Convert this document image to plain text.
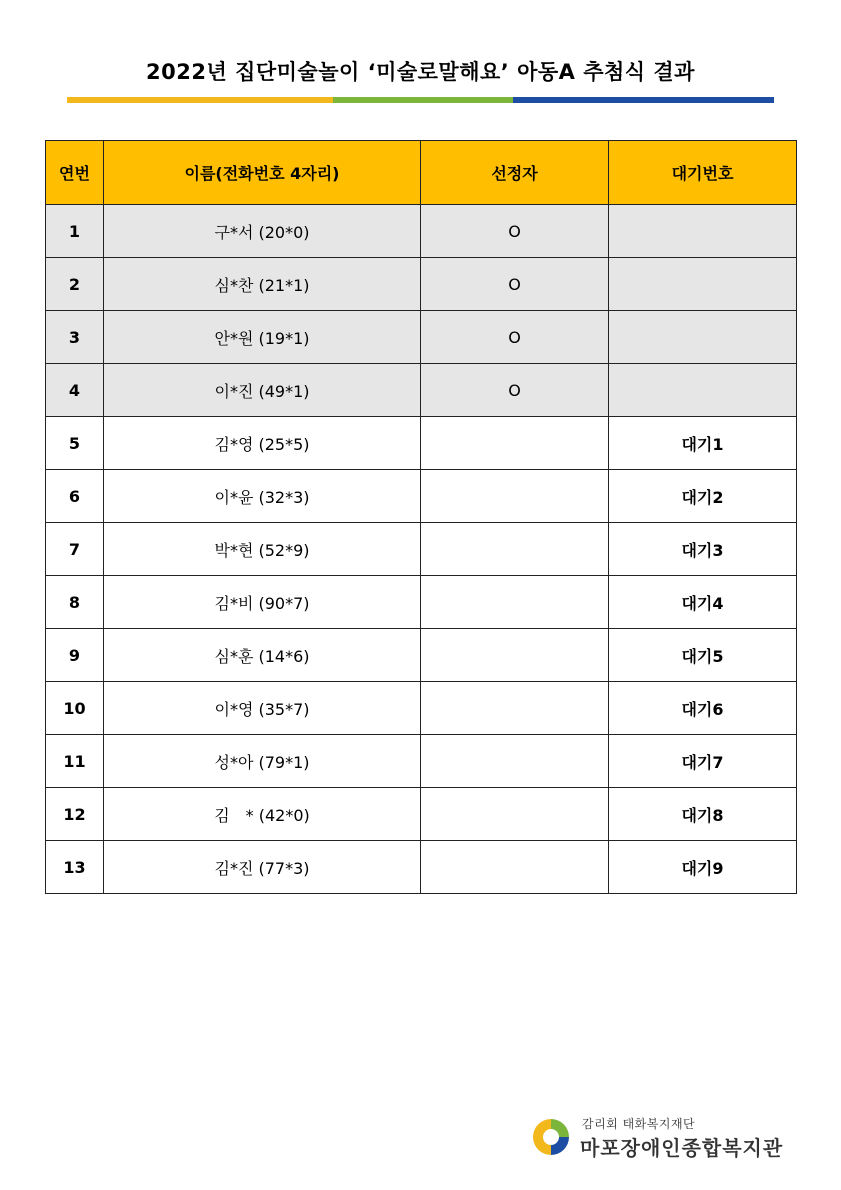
2022년 집단미술놀이 ‘미술로말해요’ 아동A 추첨식 결과
연번	이름(전화번호 4자리)	선정자	대기번호
1	구*서 (20*0)	O	
2	심*찬 (21*1)	O	
3	안*원 (19*1)	O	
4	이*진 (49*1)	O	
5	김*영 (25*5)		대기1
6	이*윤 (32*3)		대기2
7	박*현 (52*9)		대기3
8	김*비 (90*7)		대기4
9	심*훈 (14*6)		대기5
10	이*영 (35*7)		대기6
11	성*아 (79*1)		대기7
12	김　* (42*0)		대기8
13	김*진 (77*3)		대기9
감리회 태화복지재단
마포장애인종합복지관
